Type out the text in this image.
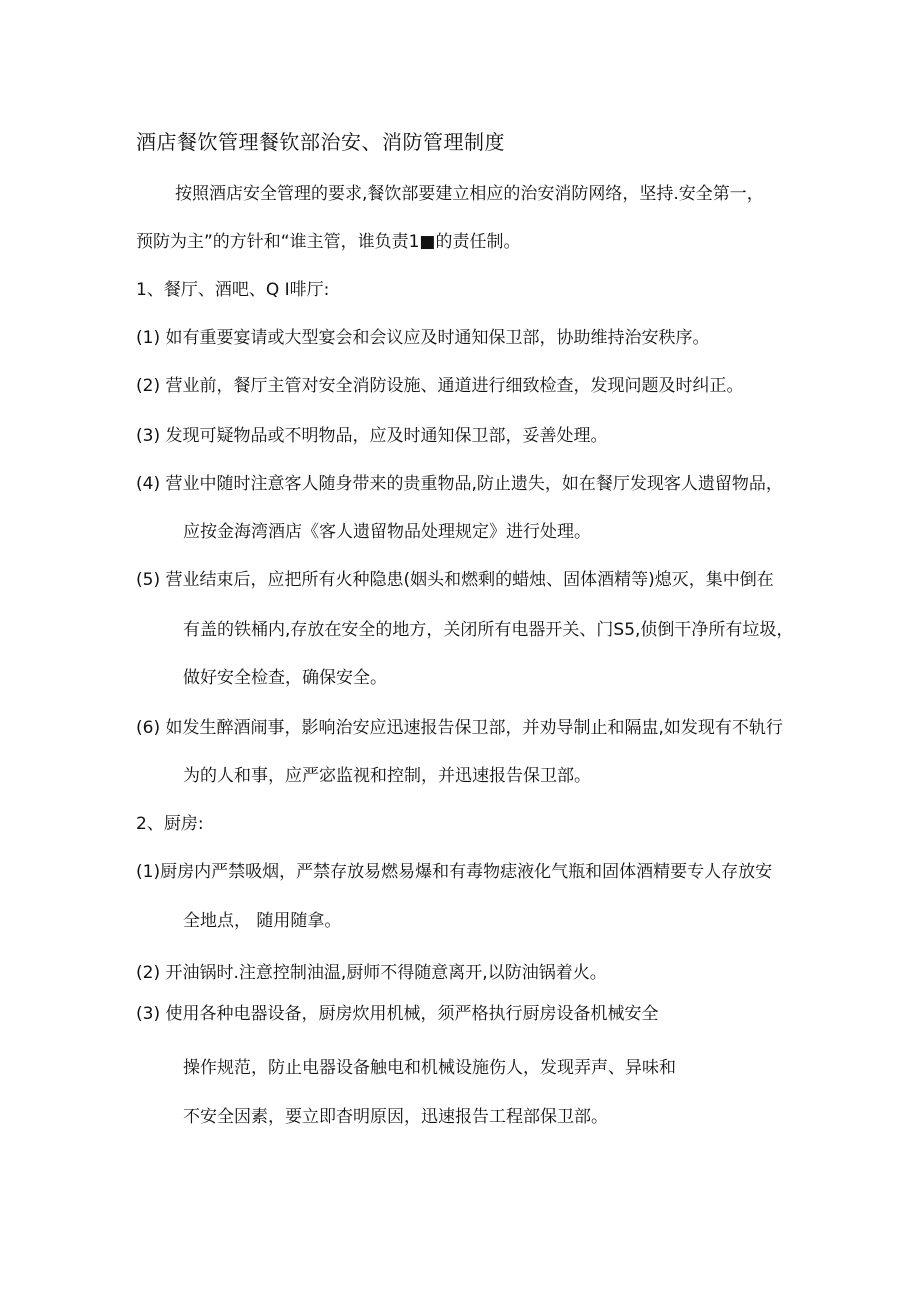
酒店餐饮管理餐钦部治安、消防管理制度
按照酒店安全管理的要求,餐饮部要建立相应的治安消防网络，坚持.安全第一，
预防为主”的方针和“谁主管，谁负责1■的责任制。
1、餐厅、酒吧、Q I啡厅:
(1) 如有重要宴请或大型宴会和会议应及时通知保卫部，协助维持治安秩序。
(2) 营业前，餐厅主管对安全消防设施、通道进行细致检查，发现问题及时纠正。
(3) 发现可疑物品或不明物品，应及时通知保卫部，妥善处理。
(4) 营业中随时注意客人随身带来的贵重物品,防止遗失，如在餐厅发现客人遗留物品，
应按金海湾酒店《客人遗留物品处理规定》进行处理。
(5) 营业结束后，应把所有火种隐患(姻头和燃剩的蜡烛、固体酒精等)熄灭，集中倒在
有盖的铁桶内,存放在安全的地方，关闭所有电器开关、门S5,侦倒干净所有垃圾，
做好安全检查，确保安全。
(6) 如发生醉酒闹事，影响治安应迅速报告保卫部，并劝导制止和隔盅,如发现有不轨行
为的人和事，应严宓监视和控制，并迅速报告保卫部。
2、厨房:
(1)厨房内严禁吸烟，严禁存放易燃易爆和有毒物痣液化气瓶和固体酒精要专人存放安
全地点， 随用随拿。
(2) 开油锅时.注意控制油温,厨师不得随意离开,以防油锅着火。
(3) 使用各种电器设备，厨房炊用机械，须严格执行厨房设备机械安全
操作规范，防止电器设备触电和机械设施伤人，发现弄声、异味和
不安全因素，要立即杳明原因，迅速报告工程部保卫部。
